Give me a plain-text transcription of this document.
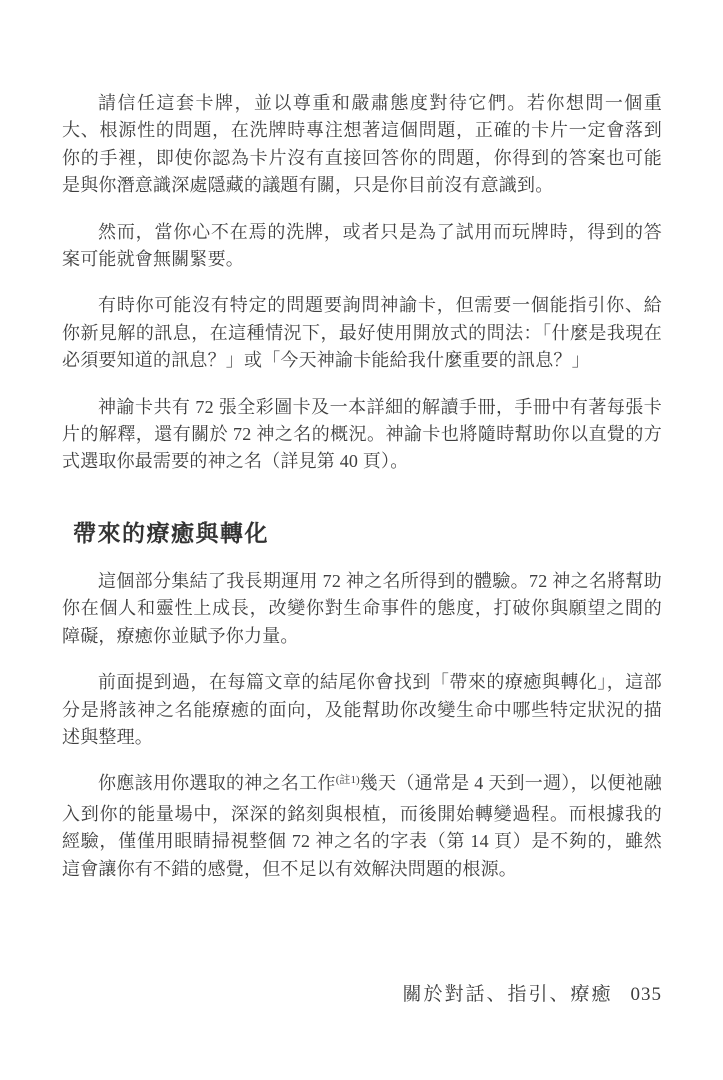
請信任這套卡牌，並以尊重和嚴肅態度對待它們。若你想問一個重大、根源性的問題，在洗牌時專注想著這個問題，正確的卡片一定會落到你的手裡，即使你認為卡片沒有直接回答你的問題，你得到的答案也可能是與你潛意識深處隱藏的議題有關，只是你目前沒有意識到。

然而，當你心不在焉的洗牌，或者只是為了試用而玩牌時，得到的答案可能就會無關緊要。

有時你可能沒有特定的問題要詢問神諭卡，但需要一個能指引你、給你新見解的訊息，在這種情況下，最好使用開放式的問法：「什麼是我現在必須要知道的訊息？」或「今天神諭卡能給我什麼重要的訊息？」

神諭卡共有 72 張全彩圖卡及一本詳細的解讀手冊，手冊中有著每張卡片的解釋，還有關於 72 神之名的概況。神諭卡也將隨時幫助你以直覺的方式選取你最需要的神之名（詳見第 40 頁）。

帶來的療癒與轉化

這個部分集結了我長期運用 72 神之名所得到的體驗。72 神之名將幫助你在個人和靈性上成長，改變你對生命事件的態度，打破你與願望之間的障礙，療癒你並賦予你力量。

前面提到過，在每篇文章的結尾你會找到「帶來的療癒與轉化」，這部分是將該神之名能療癒的面向，及能幫助你改變生命中哪些特定狀況的描述與整理。

你應該用你選取的神之名工作$^{(註1)}$幾天（通常是 4 天到一週），以便祂融入到你的能量場中，深深的銘刻與根植，而後開始轉變過程。而根據我的經驗，僅僅用眼睛掃視整個 72 神之名的字表（第 14 頁）是不夠的，雖然這會讓你有不錯的感覺，但不足以有效解決問題的根源。

關於對話、指引、療癒 035
